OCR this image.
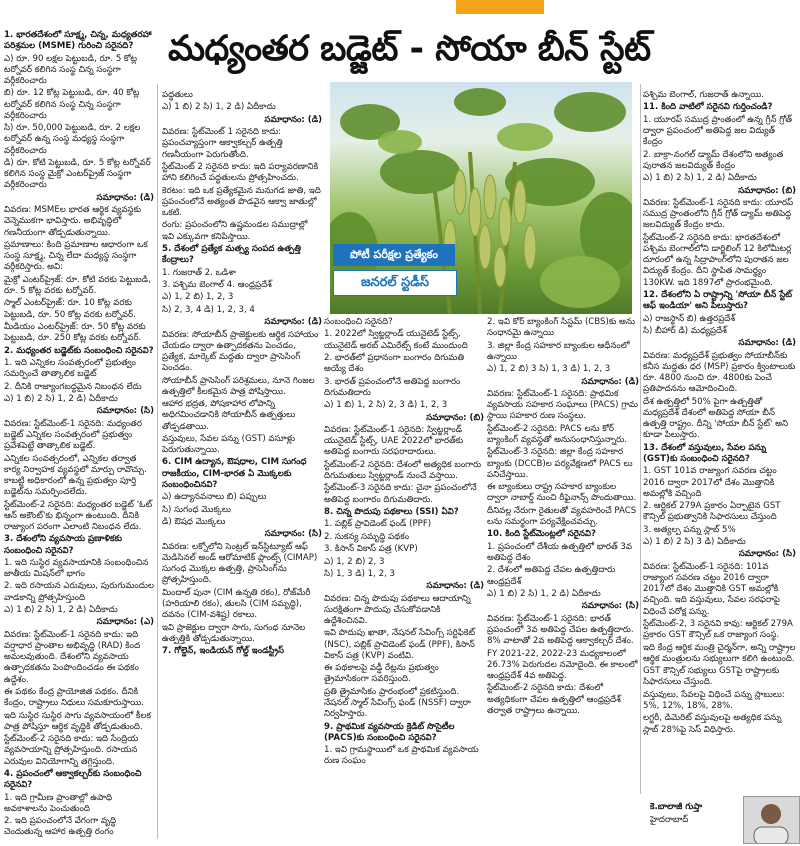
మధ్యంతర బడ్జెట్ - సోయా బీన్ స్టేట్

1. భారతదేశంలో సూక్ష్మ, చిన్న, మధ్యతరహా పరిశ్రమల (MSME) గురించి సరైనది?

ఎ) రూ. 90 లక్షల పెట్టుబడి, రూ. 5 కోట్ల టర్నోవర్ కలిగిన సంస్థ చిన్న సంస్థగా వర్గీకరించారు

బి) రూ. 12 కోట్ల పెట్టుబడి, రూ. 40 కోట్ల టర్నోవర్ కలిగిన సంస్థ చిన్న సంస్థగా వర్గీకరించారు

సి) రూ. 50,000 పెట్టుబడి, రూ. 2 లక్షల టర్నోవర్ ఉన్న సంస్థ మధ్యస్థ సంస్థగా వర్గీకరించారు

డి) రూ. కోటి పెట్టుబడి, రూ. 5 కోట్ల టర్నోవర్ కలిగిన సంస్థ మైక్రో ఎంటర్‌ప్రైజ్ సంస్థగా వర్గీకరించారు

సమాధానం: (డి)

వివరణ: MSMEల భారత ఆర్థిక వ్యవస్థకు వెన్నెముకగా భావిస్తారు. అభివృద్ధిలో గణనీయంగా తోడ్పడుతున్నాయి.

ప్రమాణాలు: కింది ప్రమాణాల ఆధారంగా ఒక సంస్థ సూక్ష్మ, చిన్న లేదా మధ్యస్థ సంస్థగా వర్గీకరిస్తారు. అవి:

మైక్రో ఎంటర్‌ప్రైజ్: రూ. కోటి వరకు పెట్టుబడి, రూ. 5 కోట్ల వరకు టర్నోవర్.

స్మాల్ ఎంటర్‌ప్రైజ్: రూ. 10 కోట్ల వరకు పెట్టుబడి, రూ. 50 కోట్ల వరకు టర్నోవర్.

మీడియం ఎంటర్‌ప్రైజ్: రూ. 50 కోట్ల వరకు పెట్టుబడి, రూ. 250 కోట్ల వరకు టర్నోవర్.

2. మధ్యంతర బడ్జెట్‌కు సంబంధించి సరైనవి?

1. ఇది ఎన్నికల సంవత్సరంలో ప్రభుత్వం సమర్పించే తాత్కాలిక బడ్జెట్

2. దీనికి రాజ్యాంగబద్ధమైన నిబంధన లేదు

ఎ) 1 బి) 2 సి) 1, 2 డి) ఏదీకాదు

సమాధానం: (సి)

వివరణ: స్టేట్‌మెంట్-1 సరైనది: మధ్యంతర బడ్జెట్ ఎన్నికల సంవత్సరంలో ప్రభుత్వం ప్రవేశపెట్టే తాత్కాలిక బడ్జెట్.

ఎన్నికల సంవత్సరంలో, ఎన్నికల తర్వాత కార్య నిర్వాహక వ్యవస్థలో మార్పు రావొచ్చు. కాబట్టి అధికారంలో ఉన్న ప్రభుత్వం పూర్తి బడ్జెట్‌ను సమర్పించలేదు.

స్టేట్‌మెంట్-2 సరైనది: మధ్యంతర బడ్జెట్ 'ఓట్ ఆన్ అకౌంట్'కు భిన్నంగా ఉంటుంది. దీనికి రాజ్యాంగ పరంగా ఎలాంటి నిబంధన లేదు.

3. దేశంలోని వ్యవసాయ ప్రణాళికకు సంబంధించి సరైనవి?

1. ఇది సుస్థిర వ్యవసాయానికి సంబంధించిన జాతీయ మిషన్‌లో భాగం

2. ఇది రసాయన ఎరువులు, పురుగుమందుల వాడకాన్ని ప్రోత్సహిస్తుంది

ఎ) 1 బి) 2 సి) 1, 2 డి) ఏదీకాదు

సమాధానం: (ఎ)

వివరణ: స్టేట్‌మెంట్-1 సరైనది కాదు: ఇది వర్షాధార ప్రాంతాల అభివృద్ధి (RAD) కింద అమలవుతుంది. దేశంలోని వ్యవసాయ ఉత్పాదకతను పెంపొందించడం ఈ పథకం ఉద్దేశం.

ఈ పథకం కేంద్ర ప్రాయోజిత పథకం. దీనికి కేంద్రం, రాష్ట్రాలు నిధులు సమకూరుస్తాయి.

ఇది సుస్థిర సుస్థిర సాగు వ్యవసాయంలో కీలక పాత్ర పోషిస్తూ ఆర్థిక వృద్ధికి తోడ్పడుతుంది.

స్టేట్‌మెంట్-2 సరైనది కాదు: ఇది సేంద్రియ వ్యవసాయాన్ని ప్రోత్సహిస్తుంది. రసాయన ఎరువుల వినియోగాన్ని తగ్గిస్తుంది.

4. ప్రపంచంలో ఆక్వాకల్చర్‌కు సంబంధించి సరైనవి?

1. ఇది గ్రామీణ ప్రాంతాల్లో ఉపాధి అవకాశాలను పెంచుతుంది

2. ఇది ప్రపంచంలోనే వేగంగా వృద్ధి చెందుతున్న ఆహార ఉత్పత్తి రంగం

పద్ధతులు

ఎ) 1 బి) 2 సి) 1, 2 డి) ఏదీకాదు

సమాధానం: (డి)

వివరణ: స్టేట్‌మెంట్ 1 సరైనది కాదు: ప్రపంచవ్యాప్తంగా ఆక్వాకల్చర్ ఉత్పత్తి గణనీయంగా పెరుగుతోంది.

స్టేట్‌మెంట్ 2 సరైనది కాదు: ఇది పర్యావరణానికి హాని కలిగించే పద్ధతులను ప్రోత్సహించదు.

కెరటం: ఇది ఒక ప్రత్యేకమైన మనుగడ జాతి, ఇది ప్రపంచంలోనే అత్యంత పొడవైన ఆక్వా జాతుల్లో ఒకటి.

రంగు: ప్రపంచంలోని ఉష్ణమండల సముద్రాల్లో ఇవి ఎక్కువగా కనిపిస్తాయి.

5. దేశంలో ప్రత్యేక మత్స్య సంపద ఉత్పత్తి కేంద్రాలు?

1. గుజరాత్ 2. ఒడిశా

3. పశ్చిమ బెంగాల్ 4. ఆంధ్రప్రదేశ్

ఎ) 1, 2 బి) 1, 2, 3

సి) 2, 3, 4 డి) 1, 2, 3, 4

సమాధానం: (డి)

వివరణ: సోయాబీన్ ప్రాజెక్టులకు ఆర్థిక సహాయం చేయడం ద్వారా ఉత్పాదకతను పెంచడం, ప్రత్యేక, మార్కెట్ మద్దతు ద్వారా ప్రాసెసింగ్ పెంచడం.

సోయాబీన్ ప్రాసెసింగ్ పరిశ్రమలు, నూనె గింజల ఉత్పత్తిలో కీలకమైన పాత్ర పోషిస్తాయి.

ఆహార భద్రత, పోషకాహార లోపాన్ని అధిగమించడానికి సోయాబీన్ ఉత్పత్తులు తోడ్పడతాయి.

వస్తువులు, సేవల పన్ను (GST) వసూళ్లు పెరుగుతున్నాయి.

6. CIM ఉద్యాన, ఔషధాల, CIM సుగంధ రాజకీయం, CIM-భారత ఏ మొక్కలకు సంబంధించినవి?

ఎ) ఉద్యానవనాలు బి) పప్పులు

సి) సుగంధ మొక్కలు

డి) ఔషధ మొక్కలు

సమాధానం: (సి)

వివరణ: లక్నోలోని సెంట్రల్ ఇన్‌స్టిట్యూట్ ఆఫ్ మెడిసినల్ అండ్ ఆరోమాటిక్ ప్లాంట్స్ (CIMAP) సుగంధ మొక్కల ఉత్పత్తి, ప్రాసెసింగ్‌ను ప్రోత్సహిస్తుంది.

మిందాల్ పునా (CIM ఉన్నతి రకం), రోజ్‌మేరీ (హరియాలి రకం), తులసి (CIM సమృద్ధి), దవనం (CIM-వశిష్ట) రకాలు.

ఇవి ప్రాజెక్టుల ద్వారా సాగు, సుగంధ నూనెల ఉత్పత్తికి తోడ్పడుతున్నాయి.

7. గోల్డెన్, ఇండియన్ గోల్డ్ ఇండస్ట్రీస్

పోటీ పరీక్షల ప్రత్యేకం
జనరల్ స్టడీస్

సంబంధించి సరైనది?

1. 2022లో స్విట్జర్లాండ్ యునైటెడ్ స్టేట్స్, యునైటెడ్ అరబ్ ఎమిరేట్స్ కంటే ముందుంది

2. భారత్‌లో ప్రధానంగా బంగారం దిగుమతి అయ్యే దేశం

3. భారత్ ప్రపంచంలోనే అతిపెద్ద బంగారం దిగుమతిదారు

ఎ) 1 బి) 1, 2 సి) 2, 3 డి) 1, 2, 3

సమాధానం: (బి)

వివరణ: స్టేట్‌మెంట్-1 సరైనది: స్విట్జర్లాండ్ యునైటెడ్ స్టేట్స్, UAE 2022లో భారత్‌కు అతిపెద్ద బంగారు సరఫరాదారులు.

స్టేట్‌మెంట్-2 సరైనది: దేశంలో అత్యధిక బంగారు దిగుమతులు స్విట్జర్లాండ్ నుంచే వస్తాయి.

స్టేట్‌మెంట్-3 సరైనది కాదు: చైనా ప్రపంచంలోనే అతిపెద్ద బంగారం దిగుమతిదారు.

8. చిన్న పొదుపు పథకాలు (SSI) ఏవి?

1. పబ్లిక్ ప్రావిడెంట్ ఫండ్ (PPF)

2. సుకన్య సమృద్ధి పథకం

3. కిసాన్ వికాస్ పత్ర (KVP)

ఎ) 1, 2 బి) 2, 3

సి) 1, 3 డి) 1, 2, 3

సమాధానం: (డి)

వివరణ: చిన్న పొదుపు పథకాలు ఆదాయాన్ని సురక్షితంగా పొదుపు చేసుకోవడానికి ఉద్దేశించినవి.

ఇవి పొదుపు ఖాతా, నేషనల్ సేవింగ్స్ సర్టిఫికెట్ (NSC), పబ్లిక్ ప్రావిడెంట్ ఫండ్ (PPF), కిసాన్ వికాస్ పత్ర (KVP) వంటివి.

ఈ పథకాలపై వడ్డీ రేట్లను ప్రభుత్వం త్రైమాసికంగా సవరిస్తుంది.

ప్రతి త్రైమాసికం ప్రారంభంలో ప్రకటిస్తుంది. నేషనల్ స్మాల్ సేవింగ్స్ ఫండ్ (NSSF) ద్వారా నిర్వహిస్తారు.

9. ప్రాథమిక వ్యవసాయ క్రెడిట్ సొసైటీల (PACS)కు సంబంధించి సరైనవి?

1. ఇవి గ్రామస్థాయిలో ఒక ప్రాథమిక వ్యవసాయ రుణ సంఘం

2. ఇవి కోర్ బ్యాంకింగ్ సిస్టమ్ (CBS)కు అను సంధానమై ఉన్నాయి

3. జిల్లా కేంద్ర సహకార బ్యాంకుల ఆధీనంలో ఉన్నాయి

ఎ) 1, 2 బి) 3 సి) 1, 3 డి) 1, 2, 3

సమాధానం: (డి)

వివరణ: స్టేట్‌మెంట్-1 సరైనది: ప్రాథమిక వ్యవసాయ సహకార సంఘాలు (PACS) గ్రామ స్థాయి సహకార రుణ సంస్థలు.

స్టేట్‌మెంట్-2 సరైనది: PACS లను కోర్ బ్యాంకింగ్ వ్యవస్థతో అనుసంధానిస్తున్నారు.

స్టేట్‌మెంట్-3 సరైనది: జిల్లా కేంద్ర సహకార బ్యాంకు (DCCB)ల పర్యవేక్షణలో PACS లు పనిచేస్తాయి.

ఈ బ్యాంకులు రాష్ట్ర సహకార బ్యాంకుల ద్వారా నాబార్డ్ నుంచి రీఫైనాన్స్ పొందుతాయి.

దీనివల్ల నేరుగా రైతులతో వ్యవహరించే PACS లను సమర్థంగా పర్యవేక్షించవచ్చు.

10. కింది స్టేట్‌మెంట్లలో సరైనవి?

1. ప్రపంచంలో దేశీయ ఉత్పత్తిలో భారత్ 3వ అతిపెద్ద దేశం

2. దేశంలో అతిపెద్ద చేపల ఉత్పత్తిదారు ఆంధ్రప్రదేశ్

ఎ) 1 బి) 2 సి) 1, 2 డి) ఏదీకాదు

సమాధానం: (సి)

వివరణ: స్టేట్‌మెంట్-1 సరైనది: భారత్ ప్రపంచంలో 3వ అతిపెద్ద చేపల ఉత్పత్తిదారు. 8% వాటాతో 2వ అతిపెద్ద ఆక్వాకల్చర్ దేశం.

FY 2021-22, 2022-23 మధ్యకాలంలో 26.73% పెరుగుదల నమోదైంది. ఈ కాలంలో ఆంధ్రప్రదేశ్ 4వ అతిపెద్ద.

స్టేట్‌మెంట్-2 సరైనది కాదు: దేశంలో అత్యధికంగా చేపల ఉత్పత్తిలో ఆంధ్రప్రదేశ్ తర్వాత రాష్ట్రాలు ఉన్నాయి.

పశ్చిమ బెంగాల్, గుజరాత్ ఉన్నాయి.

11. కింది వాటిలో సరైనవి గుర్తించండి?

1. యూరప్‌ సముద్ర ప్రాంతంలో ఉన్న గ్రీన్ గ్రోత్ ద్వారా ప్రపంచంలో అతిపెద్ద జల విద్యుత్ కేంద్రం

2. బాక్రా-నంగల్ డ్యామ్ దేశంలోని అత్యంత పురాతన జలవిద్యుత్ కేంద్రం

ఎ) 1 బి) 2 సి) 1, 2 డి) ఏదీకాదు

సమాధానం: (బి)

వివరణ: స్టేట్‌మెంట్-1 సరైనది కాదు: యూరప్ సముద్ర ప్రాంతంలోని గ్రీన్ గ్రోత్ డ్యామ్ అతిపెద్ద జలవిద్యుత్ కేంద్రం కాదు.

స్టేట్‌మెంట్-2 సరైనది కాదు: భారతదేశంలో పశ్చిమ బెంగాల్‌లోని డార్జిలింగ్ 12 కిలోమీటర్ల దూరంలో ఉన్న సిద్రాపాంగ్‌లోని పురాతన జల విద్యుత్ కేంద్రం. దీని స్థాపిత సామర్థ్యం 130KW. ఇది 1897లో ప్రారంభమైంది.

12. దేశంలోని ఏ రాష్ట్రాన్ని 'సోయా బీన్ స్టేట్ ఆఫ్ ఇండియా' అని పిలుస్తారు?

ఎ) రాజస్థాన్ బి) ఉత్తరప్రదేశ్

సి) బీహార్ డి) మధ్యప్రదేశ్

సమాధానం: (డి)

వివరణ: మధ్యప్రదేశ్ ప్రభుత్వం సోయాబీన్‌కు కనీస మద్దతు ధర (MSP) ప్రకారం క్వింటాలుకు రూ. 4800 నుంచి రూ. 4800కు పెంచే ప్రతిపాదనను ఆమోదించింది.

దేశ ఉత్పత్తిలో 50% పైగా ఉత్పత్తితో మధ్యప్రదేశ్ దేశంలో అతిపెద్ద సోయా బీన్ ఉత్పత్తి రాష్ట్రం. దీన్ని 'సోయా బీన్ స్టేట్' అని కూడా పిలుస్తారు.

13. దేశంలో వస్తువులు, సేవల పన్ను (GST)కు సంబంధించి సరైనది?

1. GST 101వ రాజ్యాంగ సవరణ చట్టం 2016 ద్వారా 2017లో దేశం మొత్తానికి అమల్లోకి వచ్చింది

2. ఆర్టికల్ 279A ప్రకారం ఏర్పాటైన GST కౌన్సిల్ ప్రభుత్వానికి సిఫారసులు చేస్తుంది

3. అత్యల్ప పన్ను స్లాబ్ 5%

ఎ) 1 బి) 2 సి) 3 డి) ఏదీకాదు

సమాధానం: (సి)

వివరణ: స్టేట్‌మెంట్-1 సరైనది: 101వ రాజ్యాంగ సవరణ చట్టం 2016 ద్వారా 2017లో దేశం మొత్తానికి GST అమల్లోకి వచ్చింది. ఇది వస్తువులు, సేవల సరఫరాపై విధించే పరోక్ష పన్ను.

స్టేట్‌మెంట్-2, 3 సరైనవి కావు: ఆర్టికల్ 279A ప్రకారం GST కౌన్సిల్ ఒక రాజ్యాంగ సంస్థ.

ఇది కేంద్ర ఆర్థిక మంత్రి చైర్మన్‌గా, అన్ని రాష్ట్రాల ఆర్థిక మంత్రులను సభ్యులుగా కలిగి ఉంటుంది.

GST కౌన్సిల్ సభ్యులు GSTపై రాష్ట్రాలకు సిఫారసులు చేస్తుంది.

వస్తువులు, సేవలపై విధించే పన్ను స్లాబులు: 5%, 12%, 18%, 28%.

లగ్జరీ, డిమెరిట్ వస్తువులపై అత్యధిక పన్ను స్లాబ్ 28%పై సెస్ విధిస్తారు.

కె.బాలాజీ గుప్తా
హైదరాబాద్
